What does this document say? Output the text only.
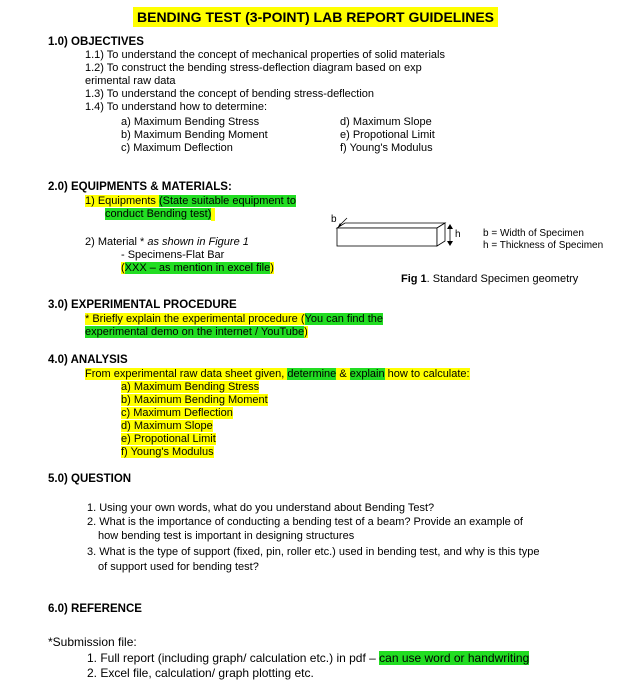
BENDING TEST (3-POINT) LAB REPORT GUIDELINES
1.0) OBJECTIVES
1.1) To understand the concept of mechanical properties of solid materials
1.2) To construct the bending stress-deflection diagram based on exp
erimental raw data
1.3) To understand the concept of bending stress-deflection
1.4) To understand how to determine:
a) Maximum Bending Stress
b) Maximum Bending Moment
c) Maximum Deflection
d) Maximum Slope
e) Propotional Limit
f) Young's Modulus
2.0) EQUIPMENTS & MATERIALS:
1) Equipments (State suitable equipment to
conduct Bending test)
2) Material * as shown in Figure 1
- Specimens-Flat Bar
(XXX – as mention in excel file)
b
h b = Width of Specimen
h = Thickness of Specimen
Fig 1. Standard Specimen geometry
3.0) EXPERIMENTAL PROCEDURE
* Briefly explain the experimental procedure (You can find the
experimental demo on the internet / YouTube)
4.0) ANALYSIS
From experimental raw data sheet given, determine & explain how to calculate:
a) Maximum Bending Stress
b) Maximum Bending Moment
c) Maximum Deflection
d) Maximum Slope
e) Propotional Limit
f) Young's Modulus
5.0) QUESTION
1. Using your own words, what do you understand about Bending Test?
2. What is the importance of conducting a bending test of a beam? Provide an example of
how bending test is important in designing structures
3. What is the type of support (fixed, pin, roller etc.) used in bending test, and why is this type
of support used for bending test?
6.0) REFERENCE
*Submission file:
1. Full report (including graph/ calculation etc.) in pdf – can use word or handwriting
2. Excel file, calculation/ graph plotting etc.
